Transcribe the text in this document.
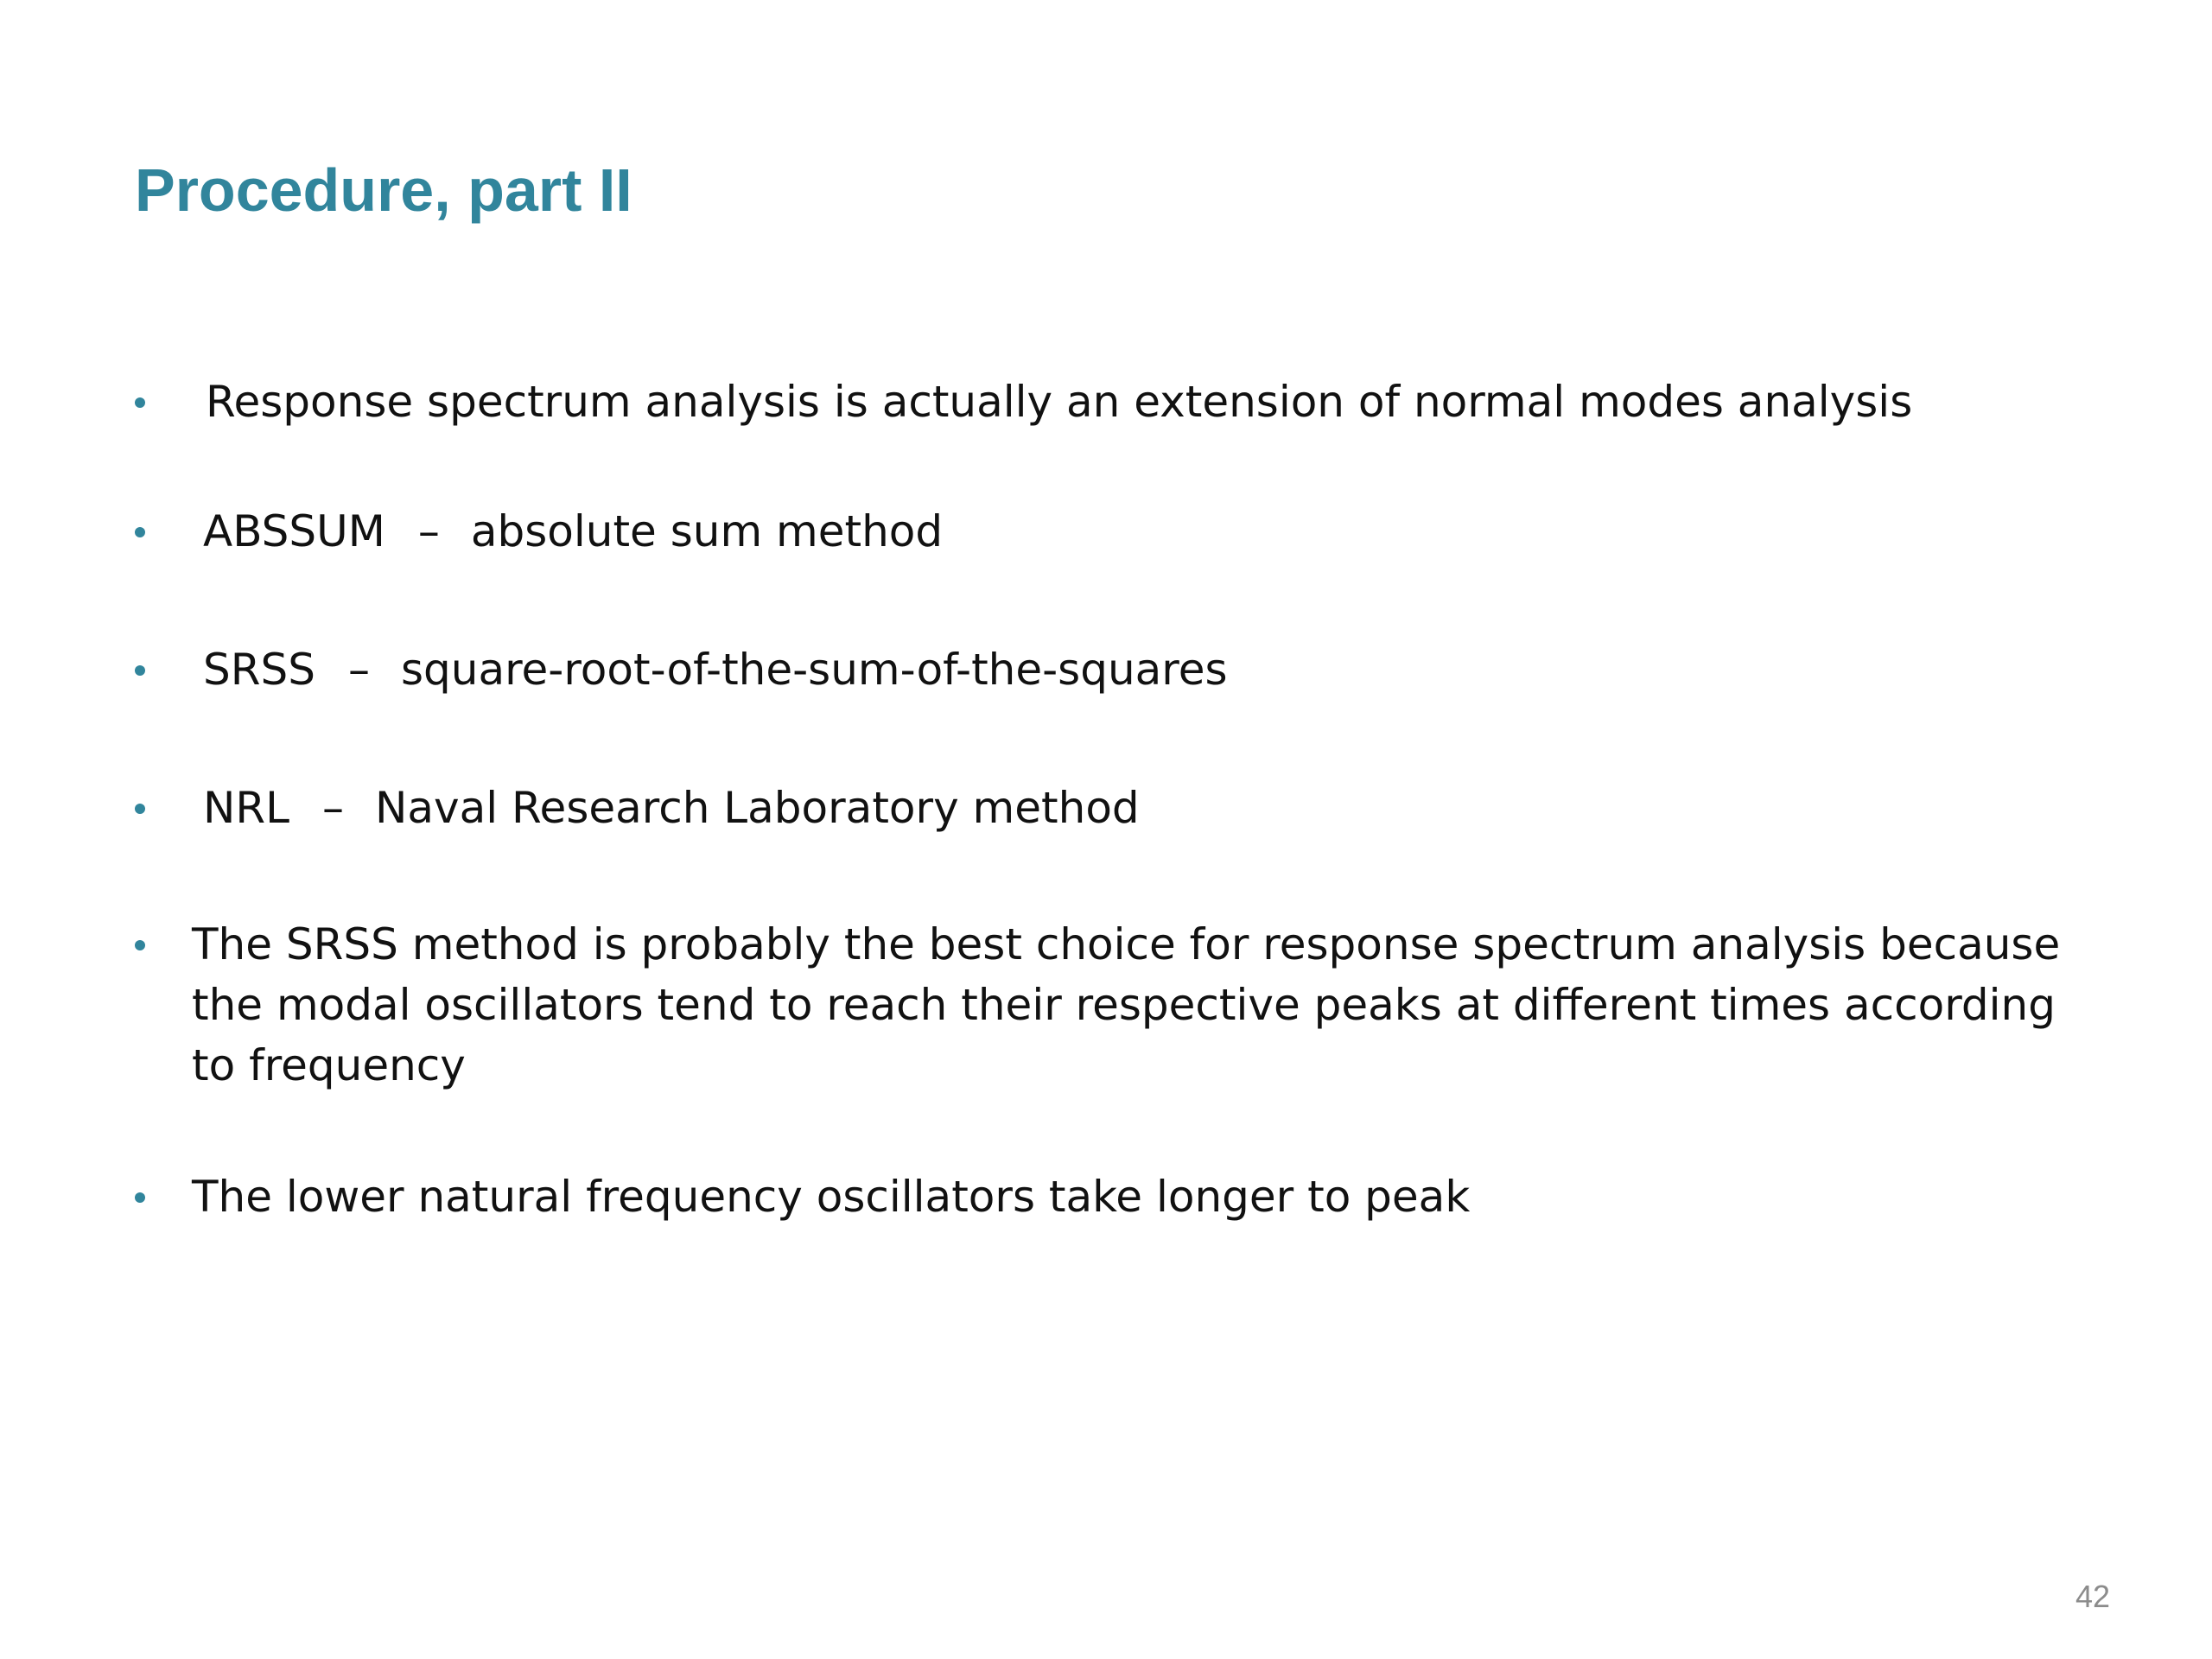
Procedure, part II

Response spectrum analysis is actually an extension of normal modes analysis

ABSSUM – absolute sum method

SRSS – square-root-of-the-sum-of-the-squares

NRL – Naval Research Laboratory method

The SRSS method is probably the best choice for response spectrum analysis because the modal oscillators tend to reach their respective peaks at different times according to frequency

The lower natural frequency oscillators take longer to peak

42
